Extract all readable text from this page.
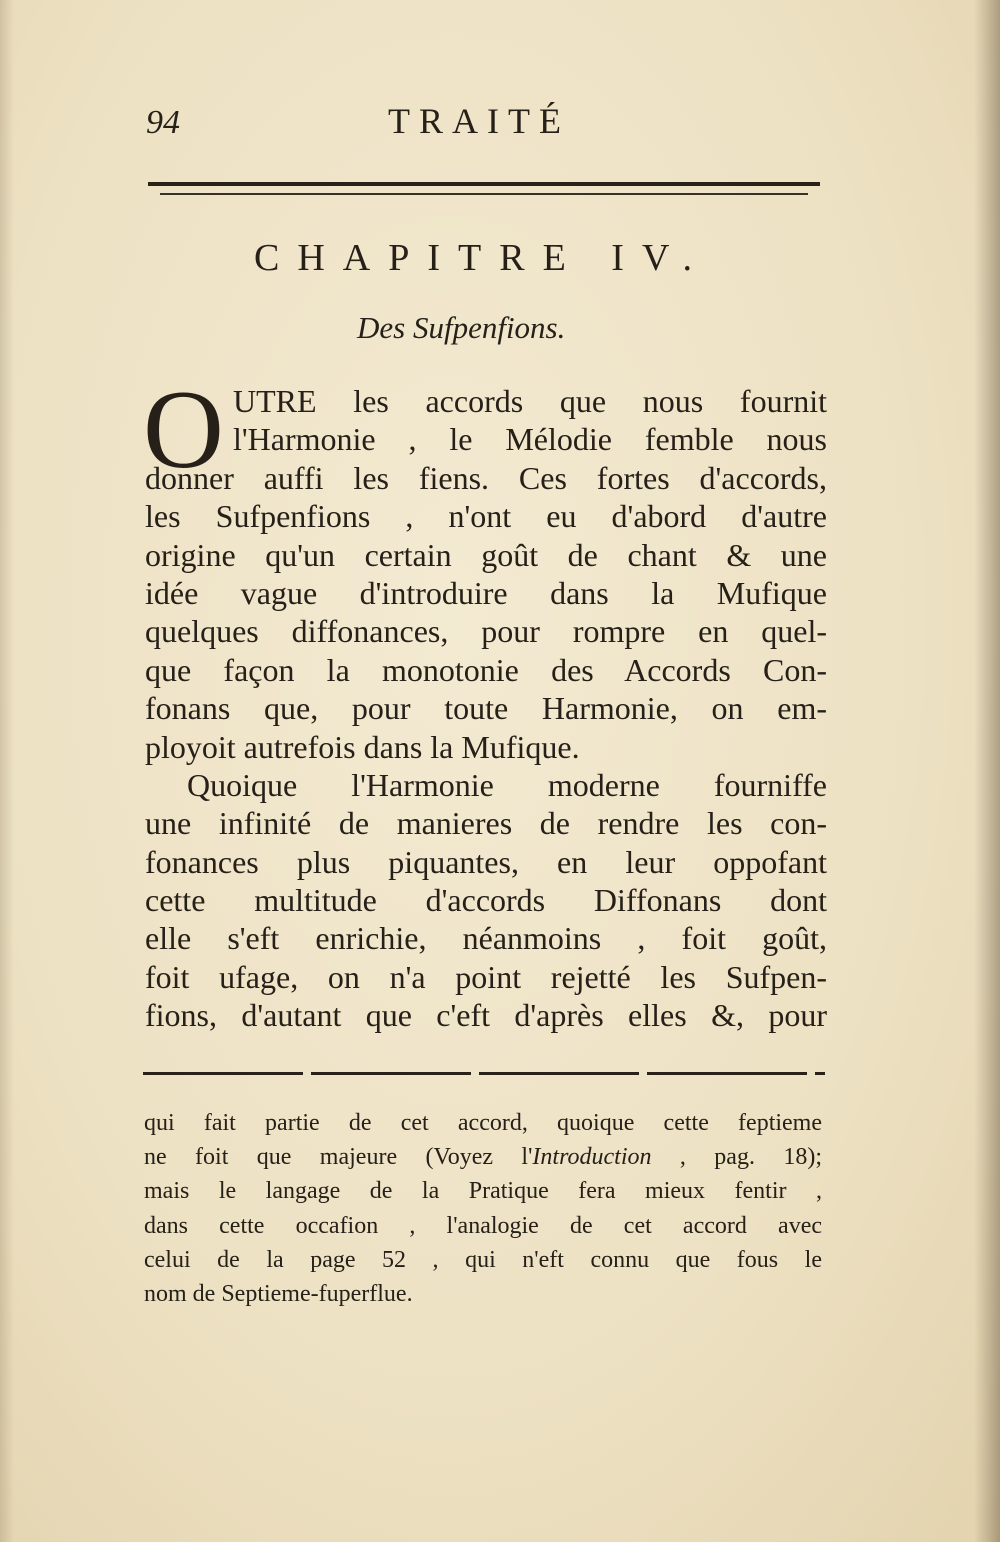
94	TRAITÉ
CHAPITRE IV.
Des Sufpenfions.
O UTRE les accords que nous fournit
l'Harmonie , le Mélodie femble nous
donner auffi les fiens. Ces fortes d'accords,
les Sufpenfions , n'ont eu d'abord d'autre
origine qu'un certain goût de chant & une
idée vague d'introduire dans la Mufique
quelques diffonances, pour rompre en quel-
que façon la monotonie des Accords Con-
fonans que, pour toute Harmonie, on em-
ployoit autrefois dans la Mufique.
Quoique l'Harmonie moderne fourniffe
une infinité de manieres de rendre les con-
fonances plus piquantes, en leur oppofant
cette multitude d'accords Diffonans dont
elle s'eft enrichie, néanmoins , foit goût,
foit ufage, on n'a point rejetté les Sufpen-
fions, d'autant que c'eft d'après elles &, pour
qui fait partie de cet accord, quoique cette feptieme
ne foit que majeure (Voyez l'Introduction , pag. 18);
mais le langage de la Pratique fera mieux fentir ,
dans cette occafion , l'analogie de cet accord avec
celui de la page 52 , qui n'eft connu que fous le
nom de Septieme-fuperflue.
